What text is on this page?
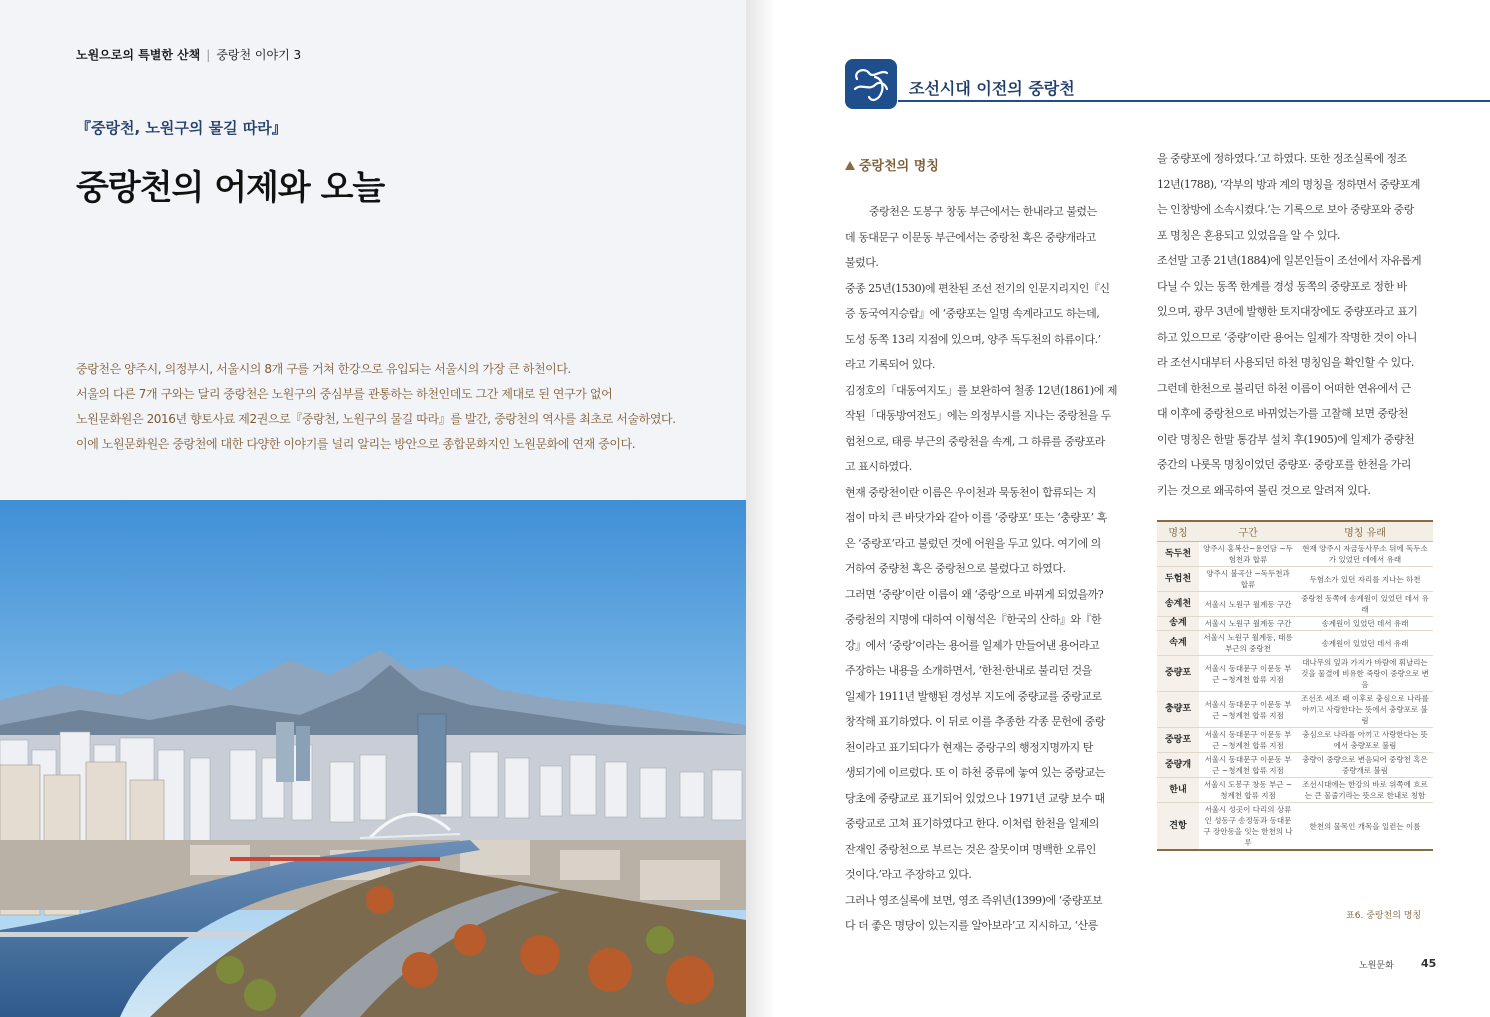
노원으로의 특별한 산책 | 중랑천 이야기 3
『중랑천, 노원구의 물길 따라』
중랑천의 어제와 오늘

중랑천은 양주시, 의정부시, 서울시의 8개 구를 거쳐 한강으로 유입되는 서울시의 가장 큰 하천이다.

서울의 다른 7개 구와는 달리 중랑천은 노원구의 중심부를 관통하는 하천인데도 그간 제대로 된 연구가 없어

노원문화원은 2016년 향토사료 제2권으로『중랑천, 노원구의 물길 따라』를 발간, 중랑천의 역사를 최초로 서술하였다.

이에 노원문화원은 중랑천에 대한 다양한 이야기를 널리 알리는 방안으로 종합문화지인 노원문화에 연재 중이다.

조선시대 이전의 중랑천
중랑천의 명칭

중랑천은 도봉구 창동 부근에서는 한내라고 불렸는

데 동대문구 이문동 부근에서는 중랑천 혹은 중량개라고

불렀다.

중종 25년(1530)에 편찬된 조선 전기의 인문지리지인『신

증 동국여지승람』에 ‘중량포는 일명 속계라고도 하는데,

도성 동쪽 13리 지점에 있으며, 양주 독두천의 하류이다.’

라고 기록되어 있다.

김정호의「대동여지도」를 보완하여 철종 12년(1861)에 제

작된「대동방여전도」에는 의정부시를 지나는 중랑천을 두

험천으로, 태릉 부근의 중랑천을 속계, 그 하류를 중량포라

고 표시하였다.

현재 중랑천이란 이름은 우이천과 묵동천이 합류되는 지

점이 마치 큰 바닷가와 같아 이를 ‘중량포’ 또는 ‘충량포’ 혹

은 ‘중랑포’라고 불렀던 것에 어원을 두고 있다. 여기에 의

거하여 중량천 혹은 중랑천으로 불렸다고 하였다.

그러면 ‘중량’이란 이름이 왜 ‘중랑’으로 바뀌게 되었을까?

중랑천의 지명에 대하여 이형석은『한국의 산하』와『한

강』에서 ‘중랑’이라는 용어를 일제가 만들어낸 용어라고

주장하는 내용을 소개하면서, ‘한천·한내로 불리던 것을

일제가 1911년 발행된 경성부 지도에 중량교를 중랑교로

창작해 표기하였다. 이 뒤로 이를 추종한 각종 문헌에 중랑

천이라고 표기되다가 현재는 중랑구의 행정지명까지 탄

생되기에 이르렀다. 또 이 하천 중류에 놓여 있는 중랑교는

당초에 중량교로 표기되어 있었으나 1971년 교량 보수 때

중랑교로 고쳐 표기하였다고 한다. 이처럼 한천을 일제의

잔재인 중랑천으로 부르는 것은 잘못이며 명백한 오류인

것이다.’라고 주장하고 있다.

그러나 영조실록에 보면, 영조 즉위년(1399)에 ‘중량포보

다 더 좋은 명당이 있는지를 알아보라’고 지시하고, ‘산릉

을 중량포에 정하였다.’고 하였다. 또한 정조실록에 정조

12년(1788), ‘각부의 방과 계의 명칭을 정하면서 중량포계

는 인창방에 소속시켰다.’는 기록으로 보아 중량포와 중랑

포 명칭은 혼용되고 있었음을 알 수 있다.

조선말 고종 21년(1884)에 일본인들이 조선에서 자유롭게

다닐 수 있는 동쪽 한계를 경성 동쪽의 중량포로 정한 바

있으며, 광무 3년에 발행한 토지대장에도 중량포라고 표기

하고 있으므로 ‘중량’이란 용어는 일제가 작명한 것이 아니

라 조선시대부터 사용되던 하천 명칭임을 확인할 수 있다.

그런데 한천으로 불리던 하천 이름이 어떠한 연유에서 근

대 이후에 중랑천으로 바뀌었는가를 고찰해 보면 중랑천

이란 명칭은 한말 통감부 설치 후(1905)에 일제가 중량천

중간의 나룻목 명칭이었던 중량포· 중랑포를 한천을 가리

키는 것으로 왜곡하여 불린 것으로 알려져 있다.

명칭	구간	명칭 유래
독두천	양주시 홍복산~용연담 ~두험천과 합류	현재 양주시 자금동사무소 뒤에 독두소가 있었던 데에서 유래
두험천	양주시 불곡산 ~독두천과 합류	두험소가 있던 자리를 지나는 하천
송계천	서울시 노원구 월계동 구간	중랑천 동쪽에 송계원이 있었던 데서 유래
송계	서울시 노원구 월계동 구간	송계원이 있었던 데서 유래
속계	서울시 노원구 월계동, 태릉 부근의 중랑천	송계원이 있었던 데서 유래
중량포	서울시 동대문구 이문동 부근 ~청계천 합류 지점	대나무의 잎과 가지가 바람에 휘날리는 것을 물결에 비유한 죽랑이 중량으로 변음
충량포	서울시 동대문구 이문동 부근 ~청계천 합류 지점	조선조 세조 때 이후로 충심으로 나라를 아끼고 사랑한다는 뜻에서 충량포로 불림
중랑포	서울시 동대문구 이문동 부근 ~청계천 합류 지점	충심으로 나라를 아끼고 사랑한다는 뜻에서 충량포로 불림
중량개	서울시 동대문구 이문동 부근 ~청계천 합류 지점	충량이 중량으로 변음되어 중량천 혹은 중량개로 불림
한내	서울시 도봉구 창동 부근 ~청계천 합류 지점	조선시대에는 한강의 바로 위쪽에 흐르는 큰 물줄기라는 뜻으로 한내로 칭함
견항	서울시 성곳이 다리의 상류인 성동구 송정동과 동대문구 장안동을 잇는 한천의 나루	한천의 물목인 개목을 일컫는 이름
표6. 중랑천의 명칭
노원문화 45
